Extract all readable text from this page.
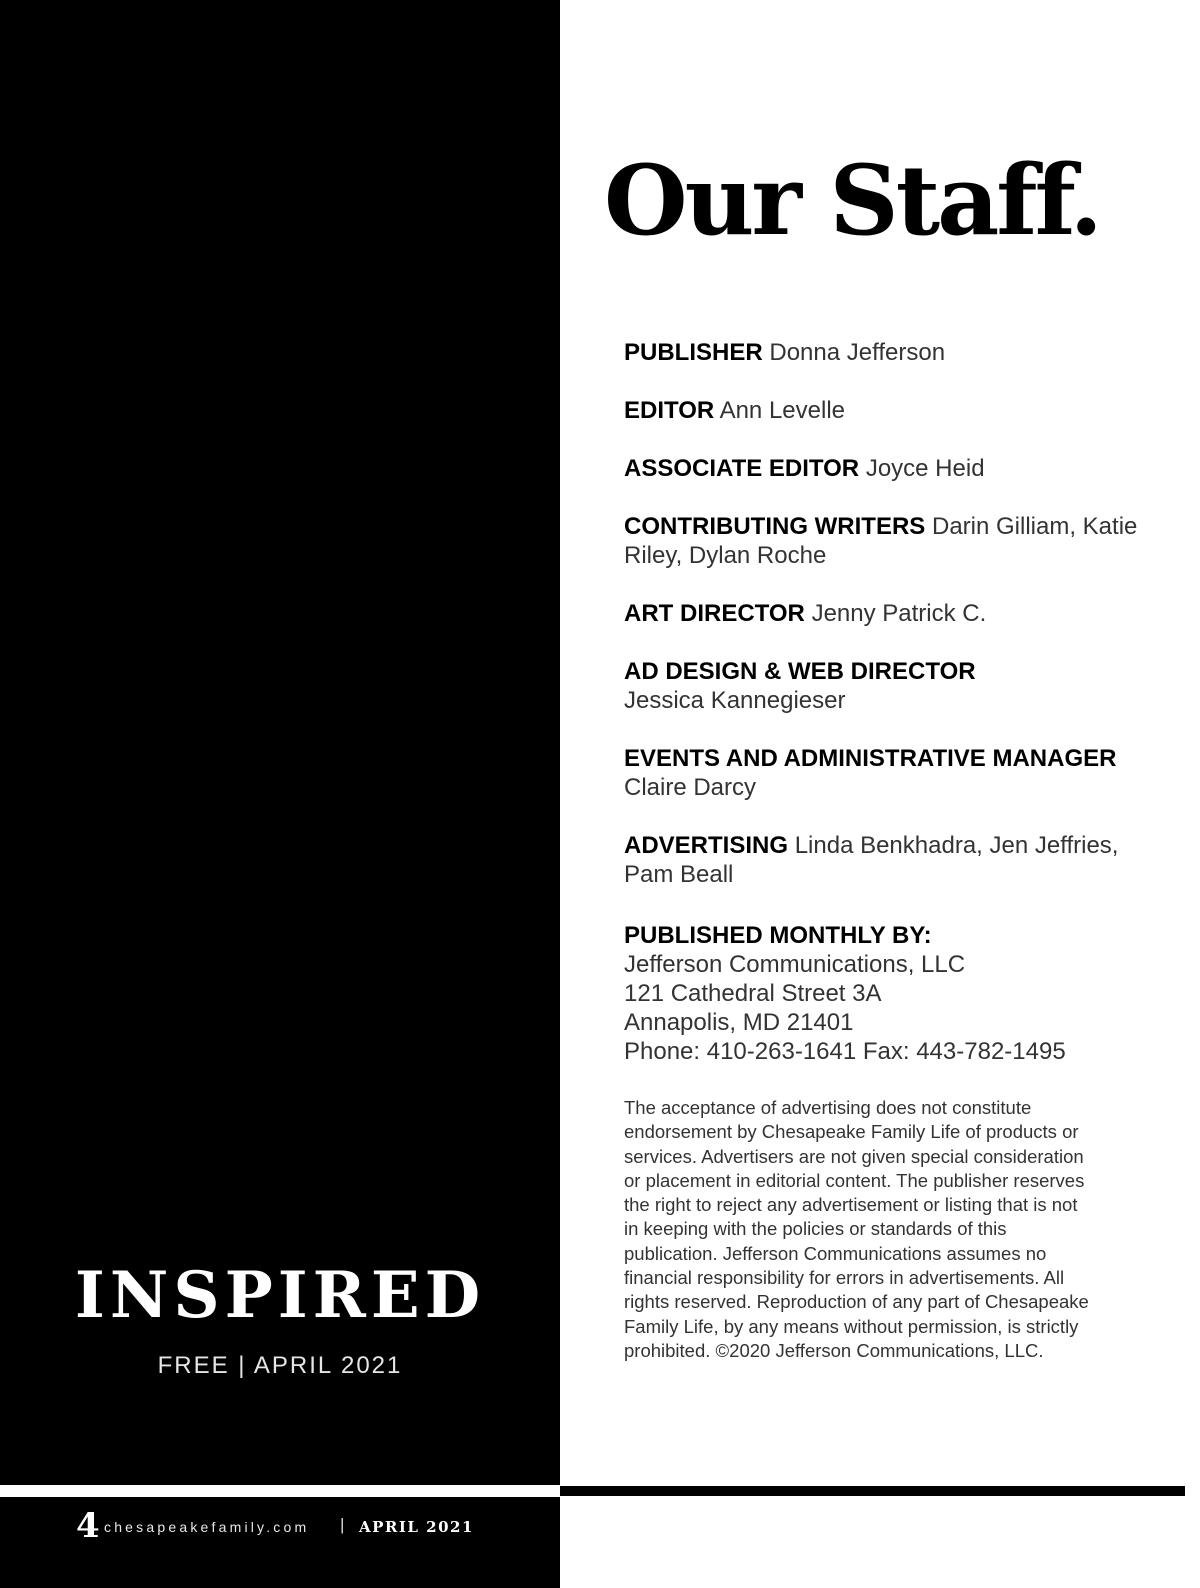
INSPIRED
FREE | APRIL 2021
4 chesapeakefamily.com | APRIL 2021
Our Staff.

PUBLISHER Donna Jefferson

EDITOR Ann Levelle

ASSOCIATE EDITOR Joyce Heid

CONTRIBUTING WRITERS Darin Gilliam, Katie Riley, Dylan Roche

ART DIRECTOR Jenny Patrick C.

AD DESIGN & WEB DIRECTOR
Jessica Kannegieser

EVENTS AND ADMINISTRATIVE MANAGER
Claire Darcy

ADVERTISING Linda Benkhadra, Jen Jeffries, Pam Beall

PUBLISHED MONTHLY BY:
Jefferson Communications, LLC
121 Cathedral Street 3A
Annapolis, MD 21401
Phone: 410-263-1641 Fax: 443-782-1495

The acceptance of advertising does not constitute endorsement by Chesapeake Family Life of products or services. Advertisers are not given special consideration or placement in editorial content. The publisher reserves the right to reject any advertisement or listing that is not in keeping with the policies or standards of this publication. Jefferson Communications assumes no financial responsibility for errors in advertisements. All rights reserved. Reproduction of any part of Chesapeake Family Life, by any means without permission, is strictly prohibited. ©2020 Jefferson Communications, LLC.
